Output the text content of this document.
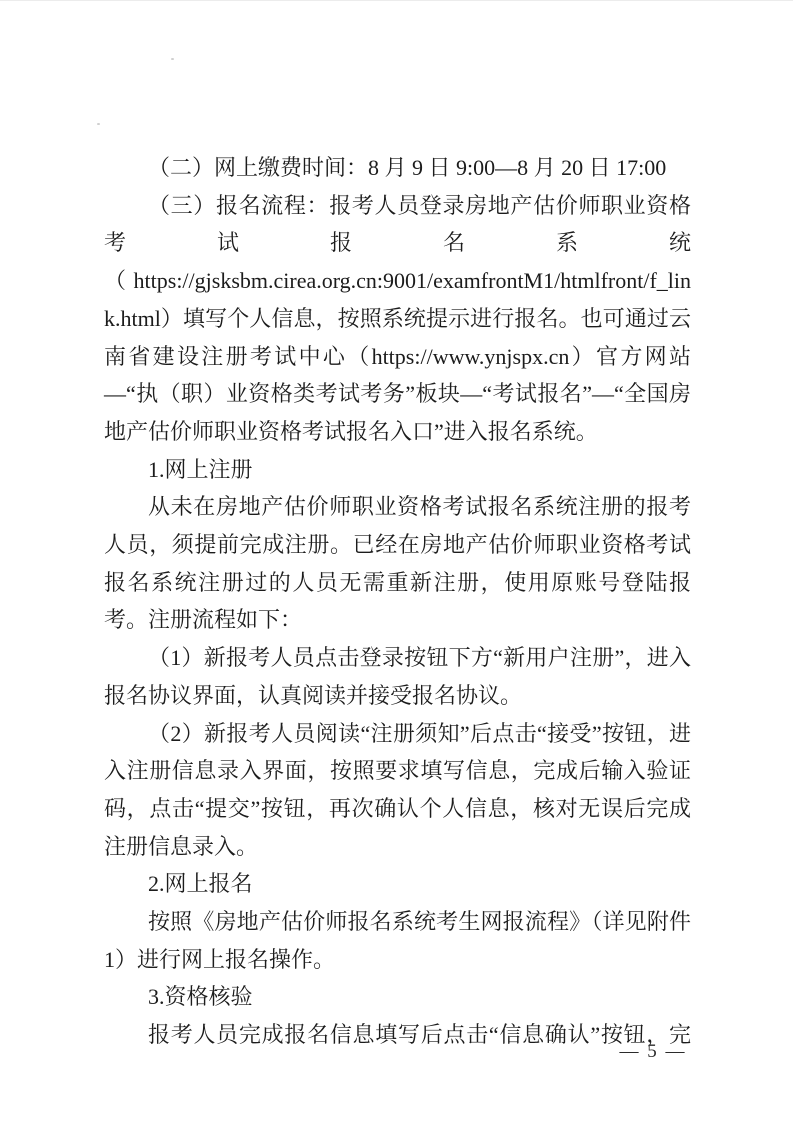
（二）网上缴费时间：8 月 9 日 9:00—8 月 20 日 17:00

（三）报名流程：报考人员登录房地产估价师职业资格考试报名系统（https://gjsksbm.cirea.org.cn:9001/examfrontM1/htmlfront/f_link.html）填写个人信息，按照系统提示进行报名。也可通过云南省建设注册考试中心（https://www.ynjspx.cn）官方网站—“执（职）业资格类考试考务”板块—“考试报名”—“全国房地产估价师职业资格考试报名入口”进入报名系统。

1.网上注册

从未在房地产估价师职业资格考试报名系统注册的报考人员，须提前完成注册。已经在房地产估价师职业资格考试报名系统注册过的人员无需重新注册，使用原账号登陆报考。注册流程如下：

（1）新报考人员点击登录按钮下方“新用户注册”，进入报名协议界面，认真阅读并接受报名协议。

（2）新报考人员阅读“注册须知”后点击“接受”按钮，进入注册信息录入界面，按照要求填写信息，完成后输入验证码，点击“提交”按钮，再次确认个人信息，核对无误后完成注册信息录入。

2.网上报名

按照《房地产估价师报名系统考生网报流程》（详见附件 1）进行网上报名操作。

3.资格核验

报考人员完成报名信息填写后点击“信息确认”按钮，完

— 5 —
